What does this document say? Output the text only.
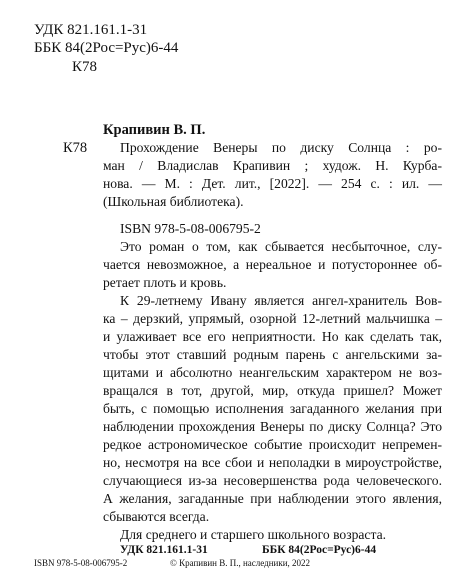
УДК 821.161.1-31
ББК 84(2Рос=Рус)6-44
К78
К78
Крапивин В. П.
Прохождение Венеры по диску Солнца : ро-
ман / Владислав Крапивин ; худож. Н. Курба-
нова. — М. : Дет. лит., [2022]. — 254 с. : ил. —
(Школьная библиотека).
ISBN 978-5-08-006795-2
Это роман о том, как сбывается несбыточное, слу-
чается невозможное, а нереальное и потустороннее об-
ретает плоть и кровь.
К 29-летнему Ивану является ангел-хранитель Вов-
ка – дерзкий, упрямый, озорной 12-летний мальчишка –
и улаживает все его неприятности. Но как сделать так,
чтобы этот ставший родным парень с ангельскими за-
щитами и абсолютно неангельским характером не воз-
вращался в тот, другой, мир, откуда пришел? Может
быть, с помощью исполнения загаданного желания при
наблюдении прохождения Венеры по диску Солнца? Это
редкое астрономическое событие происходит непремен-
но, несмотря на все сбои и неполадки в мироустройстве,
случающиеся из-за несовершенства рода человеческого.
А желания, загаданные при наблюдении этого явления,
сбываются всегда.
Для среднего и старшего школьного возраста.
УДК 821.161.1-31	ББК 84(2Рос=Рус)6-44
ISBN 978-5-08-006795-2	© Крапивин В. П., наследники, 2022
